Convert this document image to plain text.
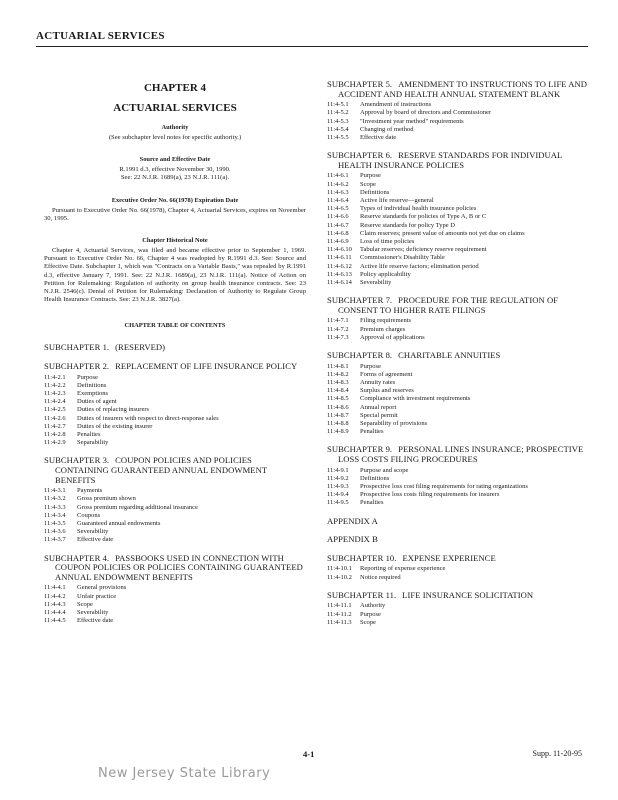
ACTUARIAL SERVICES
CHAPTER 4
ACTUARIAL SERVICES
Authority
(See subchapter level notes for specific authority.)
Source and Effective Date
R.1991 d.3, effective November 30, 1990.
See: 22 N.J.R. 1689(a), 23 N.J.R. 111(a).
Executive Order No. 66(1978) Expiration Date
Pursuant to Executive Order No. 66(1978), Chapter 4, Actuarial Services, expires on November 30, 1995.
Chapter Historical Note
Chapter 4, Actuarial Services, was filed and became effective prior to September 1, 1969. Pursuant to Executive Order No. 66, Chapter 4 was readopted by R.1991 d.3. See: Source and Effective Date. Subchapter 1, which was "Contracts on a Variable Basis," was repealed by R.1991 d.3, effective January 7, 1991. See: 22 N.J.R. 1689(a), 23 N.J.R. 111(a). Notice of Action on Petition for Rulemaking: Regulation of authority on group health insurance contracts. See: 23 N.J.R. 2546(c). Denial of Petition for Rulemaking: Declaration of Authority to Regulate Group Health Insurance Contracts. See: 23 N.J.R. 3827(a).
CHAPTER TABLE OF CONTENTS
SUBCHAPTER 1. (RESERVED)
SUBCHAPTER 2. REPLACEMENT OF LIFE INSURANCE POLICY
11:4-2.1	Purpose
11:4-2.2	Definitions
11:4-2.3	Exemptions
11:4-2.4	Duties of agent
11:4-2.5	Duties of replacing insurers
11:4-2.6	Duties of insurers with respect to direct-response sales
11:4-2.7	Duties of the existing insurer
11:4-2.8	Penalties
11:4-2.9	Separability
SUBCHAPTER 3. COUPON POLICIES AND POLICIES CONTAINING GUARANTEED ANNUAL ENDOWMENT BENEFITS
11:4-3.1	Payments
11:4-3.2	Gross premium shown
11:4-3.3	Gross premium regarding additional insurance
11:4-3.4	Coupons
11:4-3.5	Guaranteed annual endowments
11:4-3.6	Severability
11:4-3.7	Effective date
SUBCHAPTER 4. PASSBOOKS USED IN CONNECTION WITH COUPON POLICIES OR POLICIES CONTAINING GUARANTEED ANNUAL ENDOWMENT BENEFITS
11:4-4.1	General provisions
11:4-4.2	Unfair practice
11:4-4.3	Scope
11:4-4.4	Severability
11:4-4.5	Effective date
SUBCHAPTER 5. AMENDMENT TO INSTRUCTIONS TO LIFE AND ACCIDENT AND HEALTH ANNUAL STATEMENT BLANK
11:4-5.1	Amendment of instructions
11:4-5.2	Approval by board of directors and Commissioner
11:4-5.3	"Investment year method" requirements
11:4-5.4	Changing of method
11:4-5.5	Effective date
SUBCHAPTER 6. RESERVE STANDARDS FOR INDIVIDUAL HEALTH INSURANCE POLICIES
11:4-6.1	Purpose
11:4-6.2	Scope
11:4-6.3	Definitions
11:4-6.4	Active life reserve—general
11:4-6.5	Types of individual health insurance policies
11:4-6.6	Reserve standards for policies of Type A, B or C
11:4-6.7	Reserve standards for policy Type D
11:4-6.8	Claim reserves; present value of amounts not yet due on claims
11:4-6.9	Loss of time policies
11:4-6.10	Tabular reserves; deficiency reserve requirement
11:4-6.11	Commissioner's Disability Table
11:4-6.12	Active life reserve factors; elimination period
11:4-6.13	Policy applicability
11:4-6.14	Severability
SUBCHAPTER 7. PROCEDURE FOR THE REGULATION OF CONSENT TO HIGHER RATE FILINGS
11:4-7.1	Filing requirements
11:4-7.2	Premium charges
11:4-7.3	Approval of applications
SUBCHAPTER 8. CHARITABLE ANNUITIES
11:4-8.1	Purpose
11:4-8.2	Forms of agreement
11:4-8.3	Annuity rates
11:4-8.4	Surplus and reserves
11:4-8.5	Compliance with investment requirements
11:4-8.6	Annual report
11:4-8.7	Special permit
11:4-8.8	Separability of provisions
11:4-8.9	Penalties
SUBCHAPTER 9. PERSONAL LINES INSURANCE; PROSPECTIVE LOSS COSTS FILING PROCEDURES
11:4-9.1	Purpose and scope
11:4-9.2	Definitions
11:4-9.3	Prospective loss cost filing requirements for rating organizations
11:4-9.4	Prospective loss costs filing requirements for insurers
11:4-9.5	Penalties
APPENDIX A
APPENDIX B
SUBCHAPTER 10. EXPENSE EXPERIENCE
11:4-10.1	Reporting of expense experience
11:4-10.2	Notice required
SUBCHAPTER 11. LIFE INSURANCE SOLICITATION
11:4-11.1	Authority
11:4-11.2	Purpose
11:4-11.3	Scope
4-1	Supp. 11-20-95
New Jersey State Library
